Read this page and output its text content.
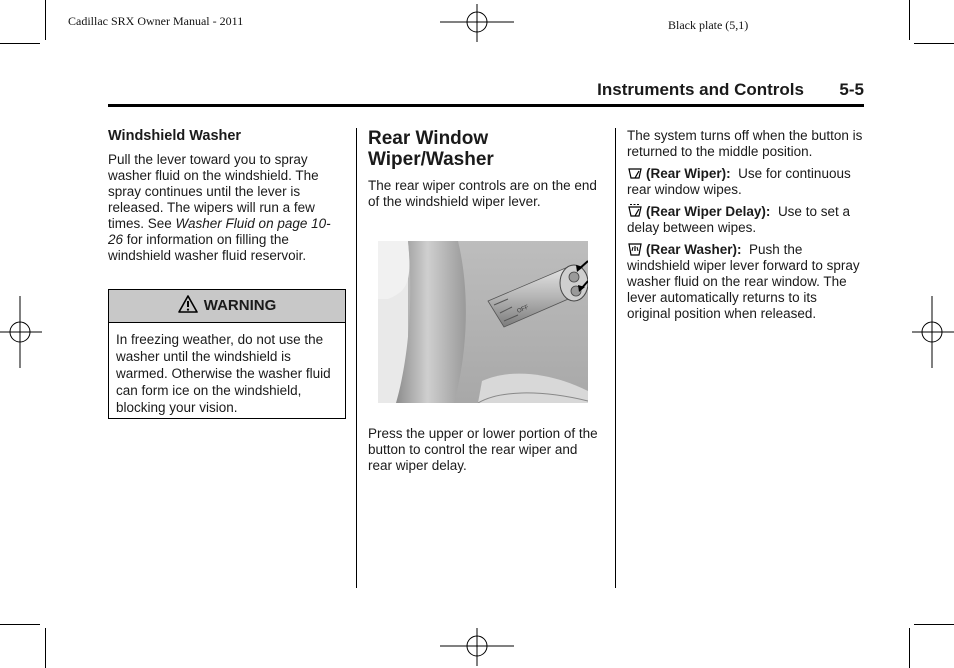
Cadillac SRX Owner Manual - 2011	Black plate (5,1)
Instruments and Controls 5-5
Windshield Washer

Pull the lever toward you to spray washer fluid on the windshield. The spray continues until the lever is released. The wipers will run a few times. See Washer Fluid on page 10-26 for information on filling the windshield washer fluid reservoir.

WARNING
In freezing weather, do not use the washer until the windshield is warmed. Otherwise the washer fluid can form ice on the windshield, blocking your vision.
Rear Window Wiper/Washer

The rear wiper controls are on the end of the windshield wiper lever.

OFF

Press the upper or lower portion of the button to control the rear wiper and rear wiper delay.

The system turns off when the button is returned to the middle position.

(Rear Wiper): Use for continuous rear window wipes.

(Rear Wiper Delay): Use to set a delay between wipes.

(Rear Washer): Push the windshield wiper lever forward to spray washer fluid on the rear window. The lever automatically returns to its original position when released.
